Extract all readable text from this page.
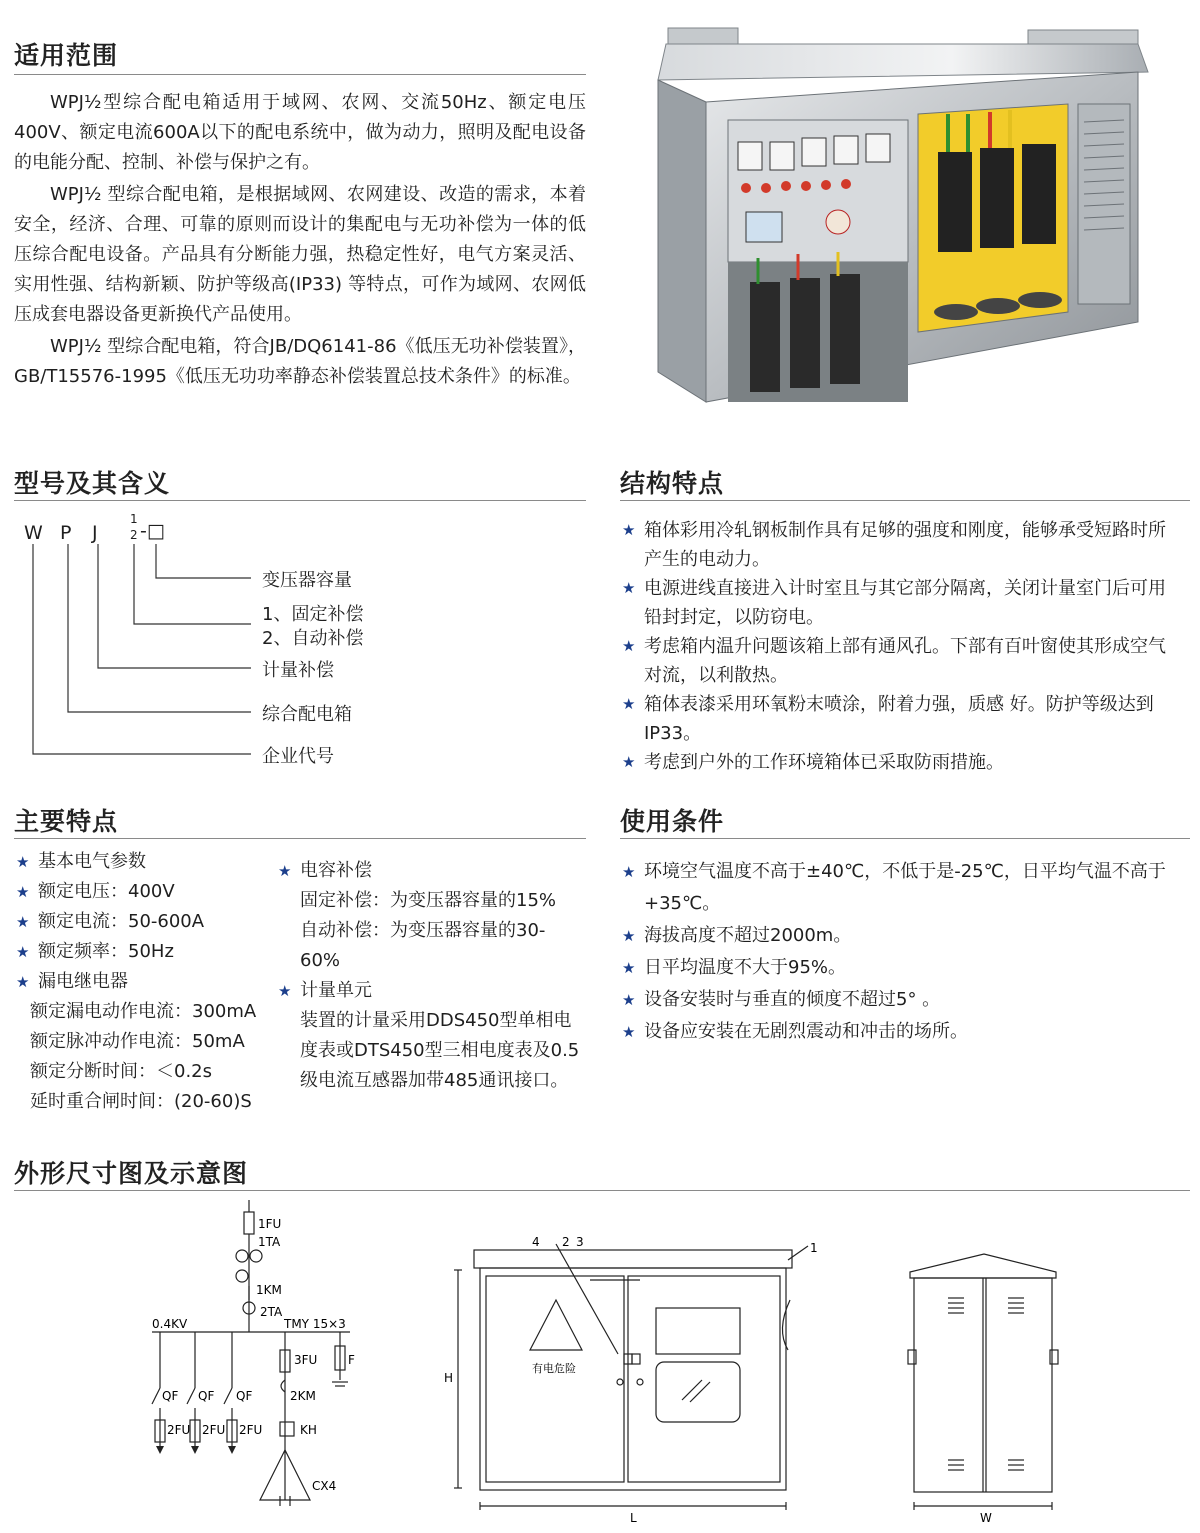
适用范围

WPJ½型综合配电箱适用于域网、农网、交流50Hz、额定电压400V、额定电流600A以下的配电系统中，做为动力，照明及配电设备的电能分配、控制、补偿与保护之有。

WPJ½ 型综合配电箱，是根据域网、农网建设、改造的需求，本着安全，经济、合理、可靠的原则而设计的集配电与无功补偿为一体的低压综合配电设备。产品具有分断能力强，热稳定性好，电气方案灵活、实用性强、结构新颖、防护等级高(IP33) 等特点，可作为域网、农网低压成套电器设备更新换代产品使用。

WPJ½ 型综合配电箱，符合JB/DQ6141-86《低压无功补偿装置》，GB/T15576-1995《低压无功功率静态补偿装置总技术条件》的标准。

型号及其含义
W P J
1
2 -□
变压器容量
1、固定补偿
2、自动补偿
计量补偿
综合配电箱
企业代号
结构特点
★ 箱体彩用冷轧钢板制作具有足够的强度和刚度，能够承受短路时所产生的电动力。
★ 电源进线直接进入计时室且与其它部分隔离，关闭计量室门后可用铅封封定，以防窃电。
★ 考虑箱内温升问题该箱上部有通风孔。下部有百叶窗使其形成空气对流，以利散热。
★ 箱体表漆采用环氧粉末喷涂，附着力强，质感 好。防护等级达到IP33。
★ 考虑到户外的工作环境箱体已采取防雨措施。
主要特点
★ 基本电气参数
★ 额定电压：400V
★ 额定电流：50-600A
★ 额定频率：50Hz
★ 漏电继电器
额定漏电动作电流：300mA
额定脉冲动作电流：50mA
额定分断时间：＜0.2s
延时重合闸时间：(20-60)S
★ 电容补偿
固定补偿：为变压器容量的15%
自动补偿：为变压器容量的30-60%
★ 计量单元
装置的计量采用DDS450型单相电度表或DTS450型三相电度表及0.5级电流互感器加带485通讯接口。
使用条件
★ 环境空气温度不高于±40℃，不低于是-25℃，日平均气温不高于+35℃。
★ 海拔高度不超过2000m。
★ 日平均温度不大于95%。
★ 设备安装时与垂直的倾度不超过5° 。
★ 设备应安装在无剧烈震动和冲击的场所。
外形尺寸图及示意图
1FU
1TA
1KM
2TA
0.4KV	TMY 15×3
3FU	F
QF QF QF	2KM
2FU 2FU 2FU	KH
CX4
4 2 3	1
有电危险
H
L	W
